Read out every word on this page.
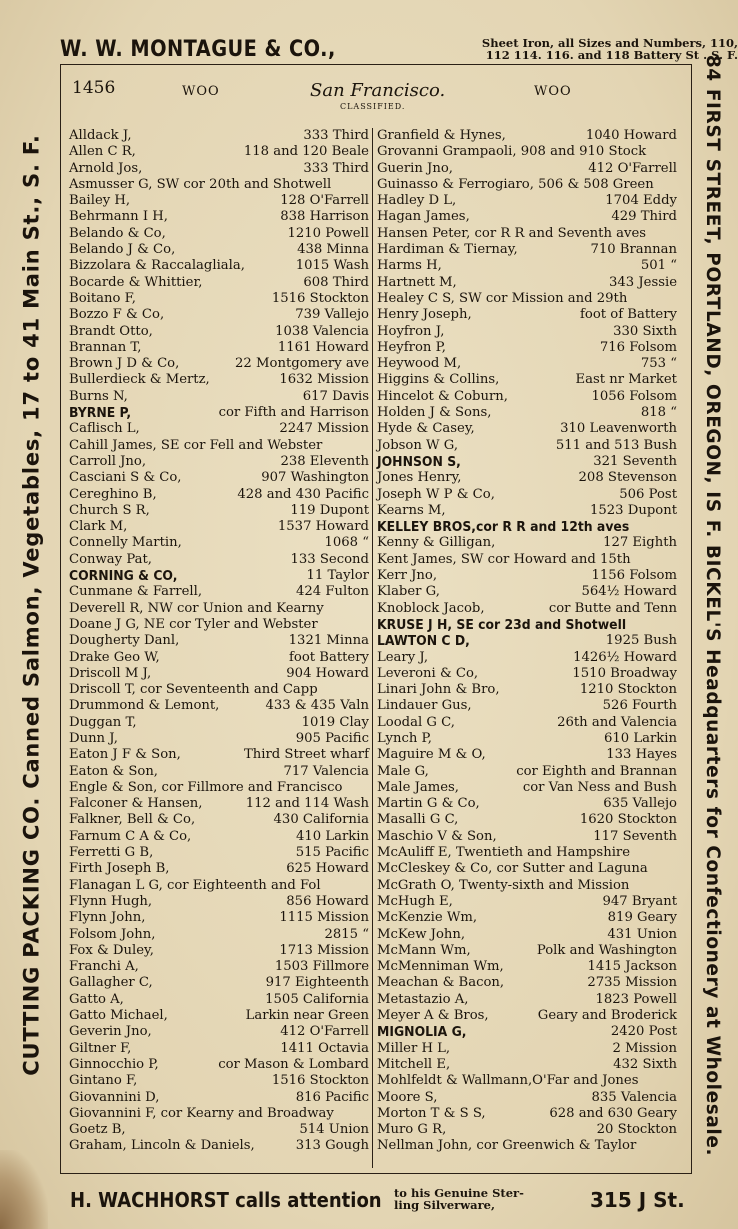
W. W. MONTAGUE & CO.,	Sheet Iron, all Sizes and Numbers, 110,
112 114. 116. and 118 Battery St . S. F.
CUTTING PACKING CO. Canned Salmon, Vegetables, 17 to 41 Main St., S. F.	84 FIRST STREET, PORTLAND, OREGON, IS F. BICKEL'S Headquarters for Confectionery at Wholesale.
1456	WOO	San Francisco.	WOO
CLASSIFIED.
Alldack J,	333 Third
Allen C R,	118 and 120 Beale
Arnold Jos,	333 Third
Asmusser G, SW cor 20th and Shotwell
Bailey H,	128 O'Farrell
Behrmann I H,	838 Harrison
Belando & Co,	1210 Powell
Belando J & Co,	438 Minna
Bizzolara & Raccalagliala,	1015 Wash
Bocarde & Whittier,	608 Third
Boitano F,	1516 Stockton
Bozzo F & Co,	739 Vallejo
Brandt Otto,	1038 Valencia
Brannan T,	1161 Howard
Brown J D & Co,	22 Montgomery ave
Bullerdieck & Mertz,	1632 Mission
Burns N,	617 Davis
BYRNE P,	cor Fifth and Harrison
Caflisch L,	2247 Mission
Cahill James, SE cor Fell and Webster
Carroll Jno,	238 Eleventh
Casciani S & Co,	907 Washington
Cereghino B,	428 and 430 Pacific
Church S R,	119 Dupont
Clark M,	1537 Howard
Connelly Martin,	1068 “
Conway Pat,	133 Second
CORNING & CO,	11 Taylor
Cunmane & Farrell,	424 Fulton
Deverell R, NW cor Union and Kearny
Doane J G, NE cor Tyler and Webster
Dougherty Danl,	1321 Minna
Drake Geo W,	foot Battery
Driscoll M J,	904 Howard
Driscoll T, cor Seventeenth and Capp
Drummond & Lemont,	433 & 435 Valn
Duggan T,	1019 Clay
Dunn J,	905 Pacific
Eaton J F & Son,	Third Street wharf
Eaton & Son,	717 Valencia
Engle & Son, cor Fillmore and Francisco
Falconer & Hansen,	112 and 114 Wash
Falkner, Bell & Co,	430 California
Farnum C A & Co,	410 Larkin
Ferretti G B,	515 Pacific
Firth Joseph B,	625 Howard
Flanagan L G, cor Eighteenth and Fol
Flynn Hugh,	856 Howard
Flynn John,	1115 Mission
Folsom John,	2815 “
Fox & Duley,	1713 Mission
Franchi A,	1503 Fillmore
Gallagher C,	917 Eighteenth
Gatto A,	1505 California
Gatto Michael,	Larkin near Green
Geverin Jno,	412 O'Farrell
Giltner F,	1411 Octavia
Ginnocchio P,	cor Mason & Lombard
Gintano F,	1516 Stockton
Giovannini D,	816 Pacific
Giovannini F, cor Kearny and Broadway
Goetz B,	514 Union
Graham, Lincoln & Daniels,	313 Gough
Granfield & Hynes,	1040 Howard
Grovanni Grampaoli, 908 and 910 Stock
Guerin Jno,	412 O'Farrell
Guinasso & Ferrogiaro, 506 & 508 Green
Hadley D L,	1704 Eddy
Hagan James,	429 Third
Hansen Peter, cor R R and Seventh aves
Hardiman & Tiernay,	710 Brannan
Harms H,	501 “
Hartnett M,	343 Jessie
Healey C S, SW cor Mission and 29th
Henry Joseph,	foot of Battery
Hoyfron J,	330 Sixth
Heyfron P,	716 Folsom
Heywood M,	753 “
Higgins & Collins,	East nr Market
Hincelot & Coburn,	1056 Folsom
Holden J & Sons,	818 “
Hyde & Casey,	310 Leavenworth
Jobson W G,	511 and 513 Bush
JOHNSON S,	321 Seventh
Jones Henry,	208 Stevenson
Joseph W P & Co,	506 Post
Kearns M,	1523 Dupont
KELLEY BROS,cor R R and 12th aves
Kenny & Gilligan,	127 Eighth
Kent James, SW cor Howard and 15th
Kerr Jno,	1156 Folsom
Klaber G,	564½ Howard
Knoblock Jacob,	cor Butte and Tenn
KRUSE J H, SE cor 23d and Shotwell
LAWTON C D,	1925 Bush
Leary J,	1426½ Howard
Leveroni & Co,	1510 Broadway
Linari John & Bro,	1210 Stockton
Lindauer Gus,	526 Fourth
Loodal G C,	26th and Valencia
Lynch P,	610 Larkin
Maguire M & O,	133 Hayes
Male G,	cor Eighth and Brannan
Male James,	cor Van Ness and Bush
Martin G & Co,	635 Vallejo
Masalli G C,	1620 Stockton
Maschio V & Son,	117 Seventh
McAuliff E, Twentieth and Hampshire
McCleskey & Co, cor Sutter and Laguna
McGrath O, Twenty-sixth and Mission
McHugh E,	947 Bryant
McKenzie Wm,	819 Geary
McKew John,	431 Union
McMann Wm,	Polk and Washington
McMenniman Wm,	1415 Jackson
Meachan & Bacon,	2735 Mission
Metastazio A,	1823 Powell
Meyer A & Bros,	Geary and Broderick
MIGNOLIA G,	2420 Post
Miller H L,	2 Mission
Mitchell E,	432 Sixth
Mohlfeldt & Wallmann,O'Far and Jones
Moore S,	835 Valencia
Morton T & S S,	628 and 630 Geary
Muro G R,	20 Stockton
Nellman John, cor Greenwich & Taylor
H. WACHHORST calls attention to his Genuine Ster-
ling Silverware,	315 J St.
